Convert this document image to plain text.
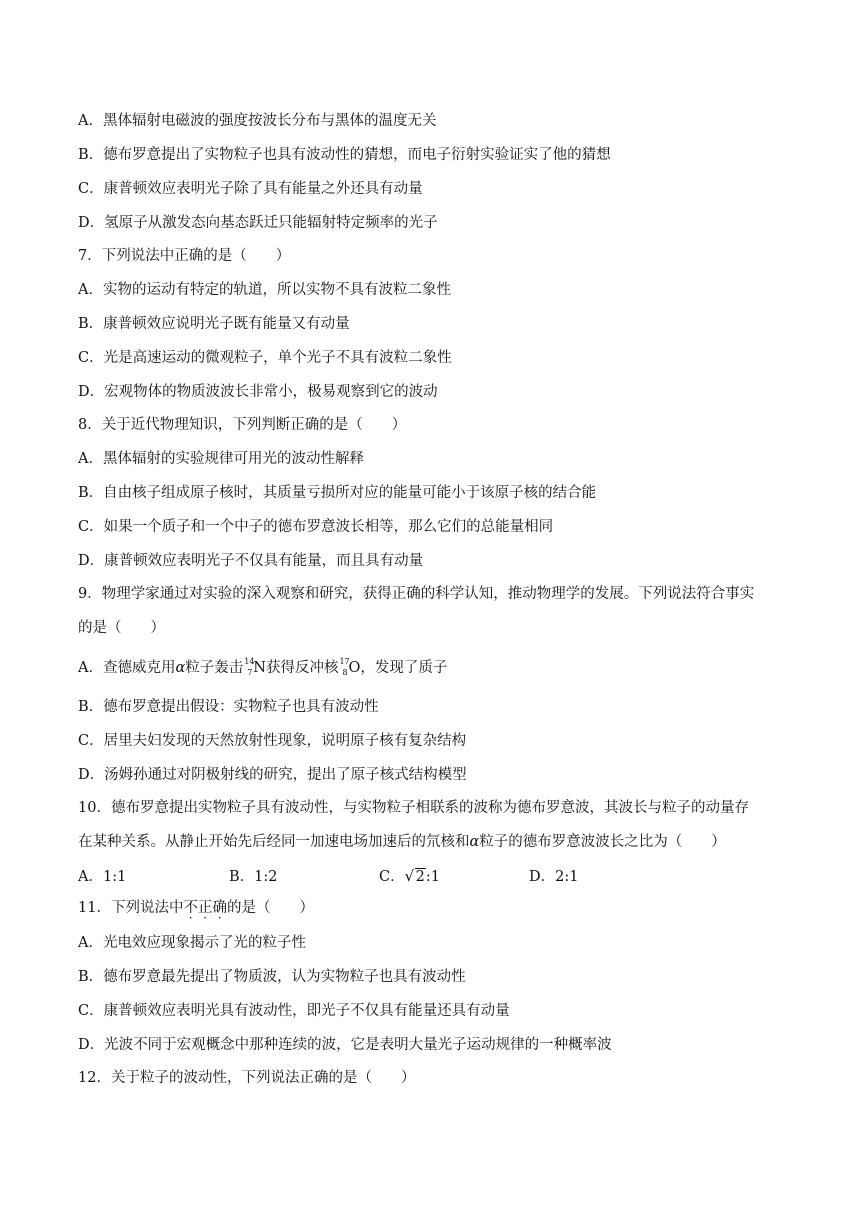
A．黑体辐射电磁波的强度按波长分布与黑体的温度无关
B．德布罗意提出了实物粒子也具有波动性的猜想，而电子衍射实验证实了他的猜想
C．康普顿效应表明光子除了具有能量之外还具有动量
D．氢原子从激发态向基态跃迁只能辐射特定频率的光子
7．下列说法中正确的是（　　）
A．实物的运动有特定的轨道，所以实物不具有波粒二象性
B．康普顿效应说明光子既有能量又有动量
C．光是高速运动的微观粒子，单个光子不具有波粒二象性
D．宏观物体的物质波波长非常小，极易观察到它的波动
8．关于近代物理知识，下列判断正确的是（　　）
A．黑体辐射的实验规律可用光的波动性解释
B．自由核子组成原子核时，其质量亏损所对应的能量可能小于该原子核的结合能
C．如果一个质子和一个中子的德布罗意波长相等，那么它们的总能量相同
D．康普顿效应表明光子不仅具有能量，而且具有动量
9．物理学家通过对实验的深入观察和研究，获得正确的科学认知，推动物理学的发展。下列说法符合事实
的是（　　）
A．查德威克用α粒子轰击 14
7 N获得反冲核 17
8 O，发现了质子
B．德布罗意提出假设：实物粒子也具有波动性
C．居里夫妇发现的天然放射性现象，说明原子核有复杂结构
D．汤姆孙通过对阴极射线的研究，提出了原子核式结构模型
10．德布罗意提出实物粒子具有波动性，与实物粒子相联系的波称为德布罗意波，其波长与粒子的动量存
在某种关系。从静止开始先后经同一加速电场加速后的氘核和α粒子的德布罗意波波长之比为（　　）
A．1:1	B．1:2	C． √ 2:1	D．2:1
11．下列说法中不正确的是（　　）
A．光电效应现象揭示了光的粒子性
B．德布罗意最先提出了物质波，认为实物粒子也具有波动性
C．康普顿效应表明光具有波动性，即光子不仅具有能量还具有动量
D．光波不同于宏观概念中那种连续的波，它是表明大量光子运动规律的一种概率波
12．关于粒子的波动性，下列说法正确的是（　　）
